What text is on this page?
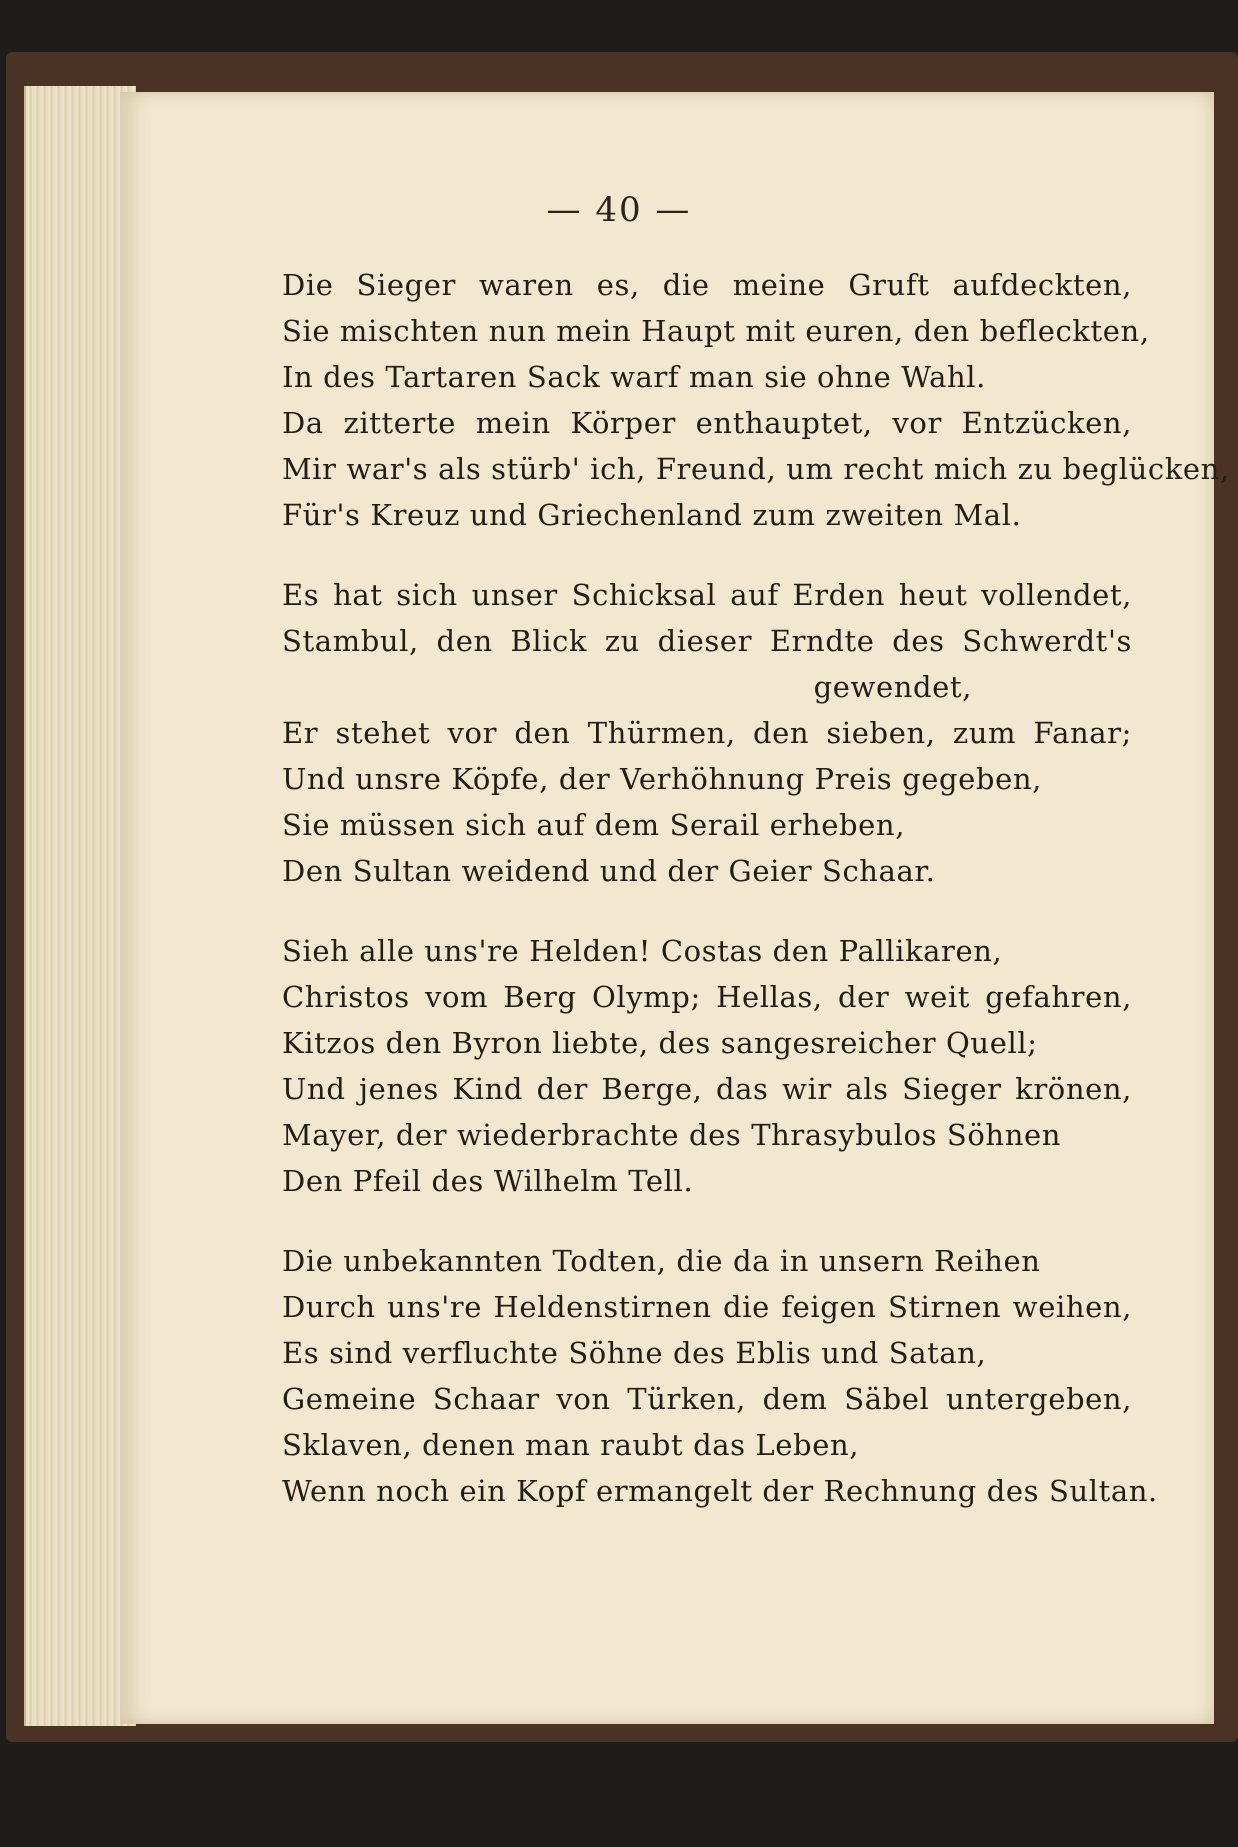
— 40 —
Die Sieger waren es, die meine Gruft aufdeckten,
Sie mischten nun mein Haupt mit euren, den befleckten,
In des Tartaren Sack warf man sie ohne Wahl.
Da zitterte mein Körper enthauptet, vor Entzücken,
Mir war's als stürb' ich, Freund, um recht mich zu beglücken,
Für's Kreuz und Griechenland zum zweiten Mal.
Es hat sich unser Schicksal auf Erden heut vollendet,
Stambul, den Blick zu dieser Erndte des Schwerdt's
gewendet,
Er stehet vor den Thürmen, den sieben, zum Fanar;
Und unsre Köpfe, der Verhöhnung Preis gegeben,
Sie müssen sich auf dem Serail erheben,
Den Sultan weidend und der Geier Schaar.
Sieh alle uns're Helden! Costas den Pallikaren,
Christos vom Berg Olymp; Hellas, der weit gefahren,
Kitzos den Byron liebte, des sangesreicher Quell;
Und jenes Kind der Berge, das wir als Sieger krönen,
Mayer, der wiederbrachte des Thrasybulos Söhnen
Den Pfeil des Wilhelm Tell.
Die unbekannten Todten, die da in unsern Reihen
Durch uns're Heldenstirnen die feigen Stirnen weihen,
Es sind verfluchte Söhne des Eblis und Satan,
Gemeine Schaar von Türken, dem Säbel untergeben,
Sklaven, denen man raubt das Leben,
Wenn noch ein Kopf ermangelt der Rechnung des Sultan.
